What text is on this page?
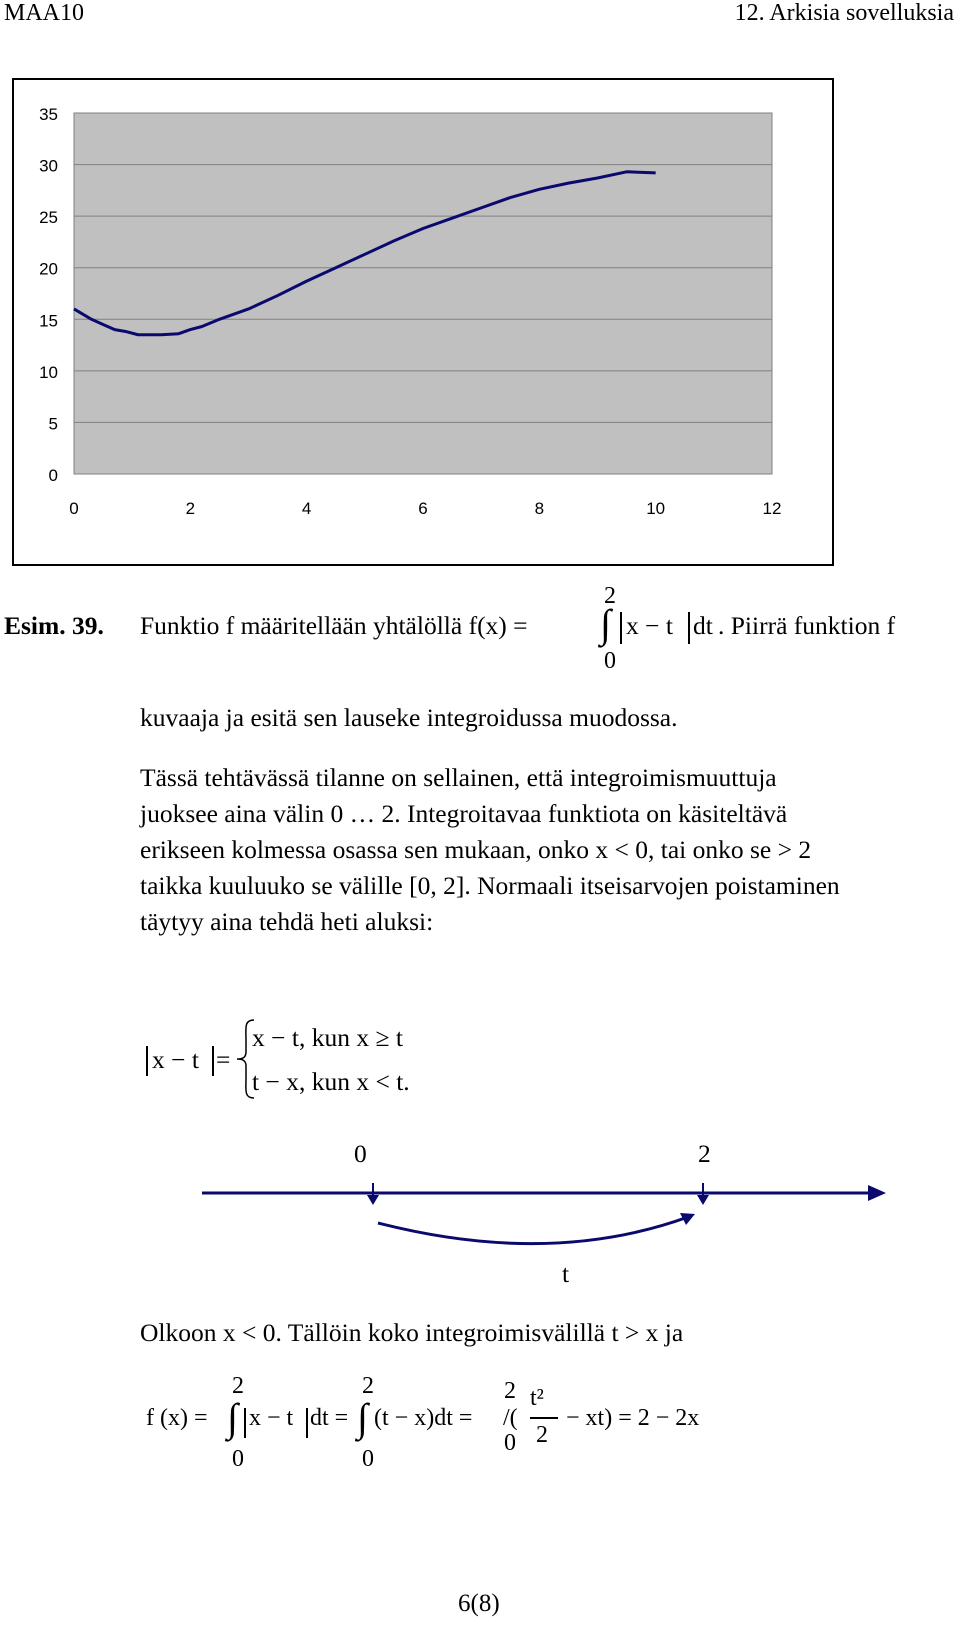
MAA10	12. Arkisia sovelluksia
35
30
25
20
15
10
5
0
0	2	4	6	8	10	12
Esim. 39. Funktio f määritellään yhtälöllä f(x) =
2
∫
0
x − t dt . Piirrä funktion f
kuvaaja ja esitä sen lauseke integroidussa muodossa.
Tässä tehtävässä tilanne on sellainen, että integroimismuuttuja
juoksee aina välin 0 … 2. Integroitavaa funktiota on käsiteltävä
erikseen kolmessa osassa sen mukaan, onko x < 0, tai onko se > 2
taikka kuuluuko se välille [0, 2]. Normaali itseisarvojen poistaminen
täytyy aina tehdä heti aluksi:
x − t =
x − t, kun x ≥ t
t − x, kun x < t.
0	2
t
Olkoon x < 0. Tällöin koko integroimisvälillä t > x ja
f (x) =
2
∫
0
x − t dt =
2
∫
0
(t − x)dt =
2
0
/(
t²
2
− xt) = 2 − 2x
6(8)
